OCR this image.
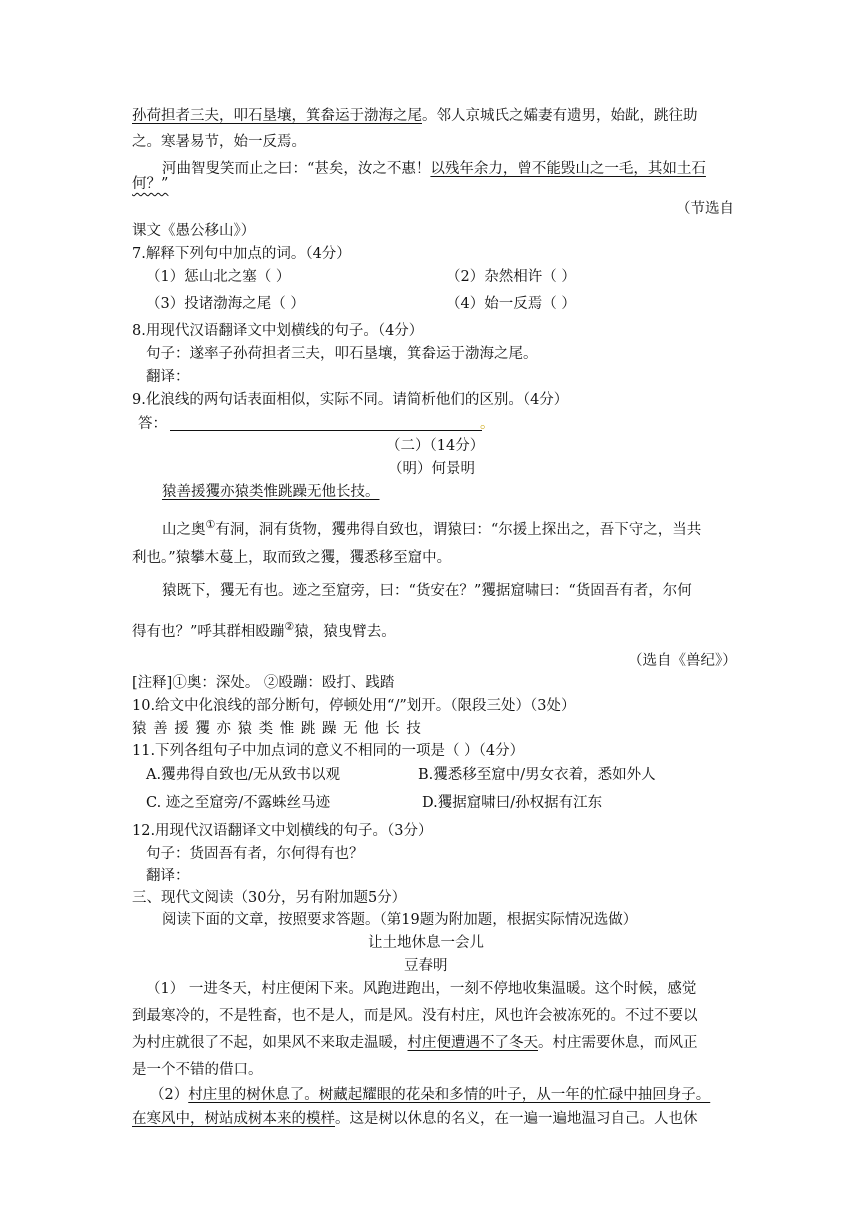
孙荷担者三夫，叩石垦壤，箕畚运于渤海之尾。邻人京城氏之孀妻有遗男，始龀，跳往助
之。寒暑易节，始一反焉。
河曲智叟笑而止之曰：“甚矣，汝之不惠！以残年余力，曾不能毁山之一毛，其如土石
何？”
（节选自
课文《愚公移山》）
7.解释下列句中加点的词。（4分）
（1）惩山北之塞（ ）	（2）杂然相许（ ）
（3）投诸渤海之尾（ ）	（4）始一反焉（ ）
8.用现代汉语翻译文中划横线的句子。（4分）
句子：遂率子孙荷担者三夫，叩石垦壤，箕畚运于渤海之尾。
翻译：
9.化浪线的两句话表面相似，实际不同。请简析他们的区别。（4分）
答：	。
（二）（14分）
（明）何景明
猿善援玃亦猿类惟跳躁无他长技。
山之奥①有洞，洞有货物，玃弗得自致也，谓猿曰：“尔援上探出之，吾下守之，当共
利也。”猿攀木蔓上，取而致之玃，玃悉移至窟中。
猿既下，玃无有也。迹之至窟旁，曰：“货安在？”玃据窟啸曰：“货固吾有者，尔何
得有也？”呼其群相殴蹦②猿，猿曳臂去。
（选自《兽纪》）
[注释]①奥：深处。 ②殴蹦：殴打、践踏
10.给文中化浪线的部分断句，停顿处用“/”划开。（限段三处）（3处）
猿 善 援 玃 亦 猿 类 惟 跳 躁 无 他 长 技
11.下列各组句子中加点词的意义不相同的一项是（ ）（4分）
A.玃弗得自致也/无从致书以观	B.玃悉移至窟中/男女衣着，悉如外人
C. 迹之至窟旁/不露蛛丝马迹	D.玃据窟啸曰/孙权据有江东
12.用现代汉语翻译文中划横线的句子。（3分）
句子：货固吾有者，尔何得有也？
翻译：
三、现代文阅读（30分，另有附加题5分）
阅读下面的文章，按照要求答题。（第19题为附加题，根据实际情况选做）
让土地休息一会儿
豆春明
（1） 一进冬天，村庄便闲下来。风跑进跑出，一刻不停地收集温暖。这个时候，感觉
到最寒冷的，不是牲畜，也不是人，而是风。没有村庄，风也许会被冻死的。不过不要以
为村庄就很了不起，如果风不来取走温暖，村庄便遭遇不了冬天。村庄需要休息，而风正
是一个不错的借口。
（2）村庄里的树休息了。树藏起耀眼的花朵和多情的叶子，从一年的忙碌中抽回身子。
在寒风中，树站成树本来的模样。这是树以休息的名义，在一遍一遍地温习自己。人也休
